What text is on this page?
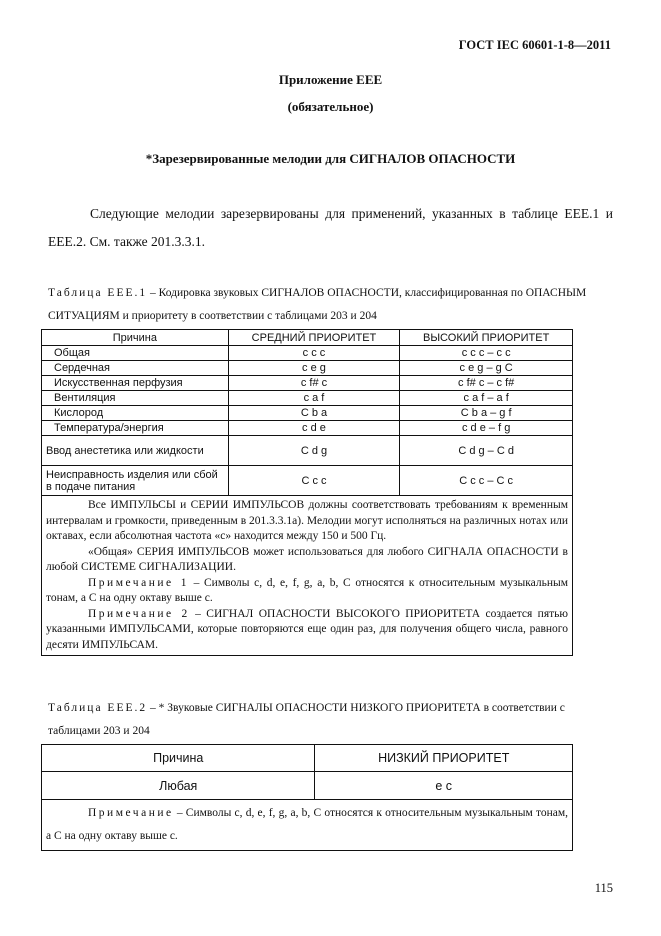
ГОСТ IEC 60601-1-8—2011
Приложение ЕЕЕ
(обязательное)
*Зарезервированные мелодии для СИГНАЛОВ ОПАСНОСТИ
Следующие мелодии зарезервированы для применений, указанных в таблице ЕЕЕ.1 и ЕЕЕ.2. См. также 201.3.3.1.
Таблица ЕЕЕ.1 – Кодировка звуковых СИГНАЛОВ ОПАСНОСТИ, классифицированная по ОПАСНЫМ СИТУАЦИЯМ и приоритету в соответствии с таблицами 203 и 204
Причина	СРЕДНИЙ ПРИОРИТЕТ	ВЫСОКИЙ ПРИОРИТЕТ
Общая	с с с	с с с – с с
Сердечная	с е g	с е g – g С
Искусственная перфузия	с f# с	с f# с – с f#
Вентиляция	с а f	с а f – а f
Кислород	С b а	С b а – g f
Температура/энергия	с d е	с d е – f g
Ввод анестетика или жидкости	С d g	С d g – С d
Неисправность изделия или сбой в подаче питания	С с с	С с с – С с

Все ИМПУЛЬСЫ и СЕРИИ ИМПУЛЬСОВ должны соответствовать требованиям к временным интервалам и громкости, приведенным в 201.3.3.1а). Мелодии могут исполняться на различных нотах или октавах, если абсолютная частота «с» находится между 150 и 500 Гц.

«Общая» СЕРИЯ ИМПУЛЬСОВ может использоваться для любого СИГНАЛА ОПАСНОСТИ в любой СИСТЕМЕ СИГНАЛИЗАЦИИ.

Примечание 1 – Символы с, d, е, f, g, а, b, С относятся к относительным музыкальным тонам, а С на одну октаву выше с.

Примечание 2 – СИГНАЛ ОПАСНОСТИ ВЫСОКОГО ПРИОРИТЕТА создается пятью указанными ИМПУЛЬСАМИ, которые повторяются еще один раз, для получения общего числа, равного десяти ИМПУЛЬСАМ.		

Таблица ЕЕЕ.2 – * Звуковые СИГНАЛЫ ОПАСНОСТИ НИЗКОГО ПРИОРИТЕТА в соответствии с таблицами 203 и 204
Причина	НИЗКИЙ ПРИОРИТЕТ
Любая	е с

Примечание – Символы с, d, е, f, g, а, b, С относятся к относительным музыкальным тонам, а С на одну октаву выше с.	

115
